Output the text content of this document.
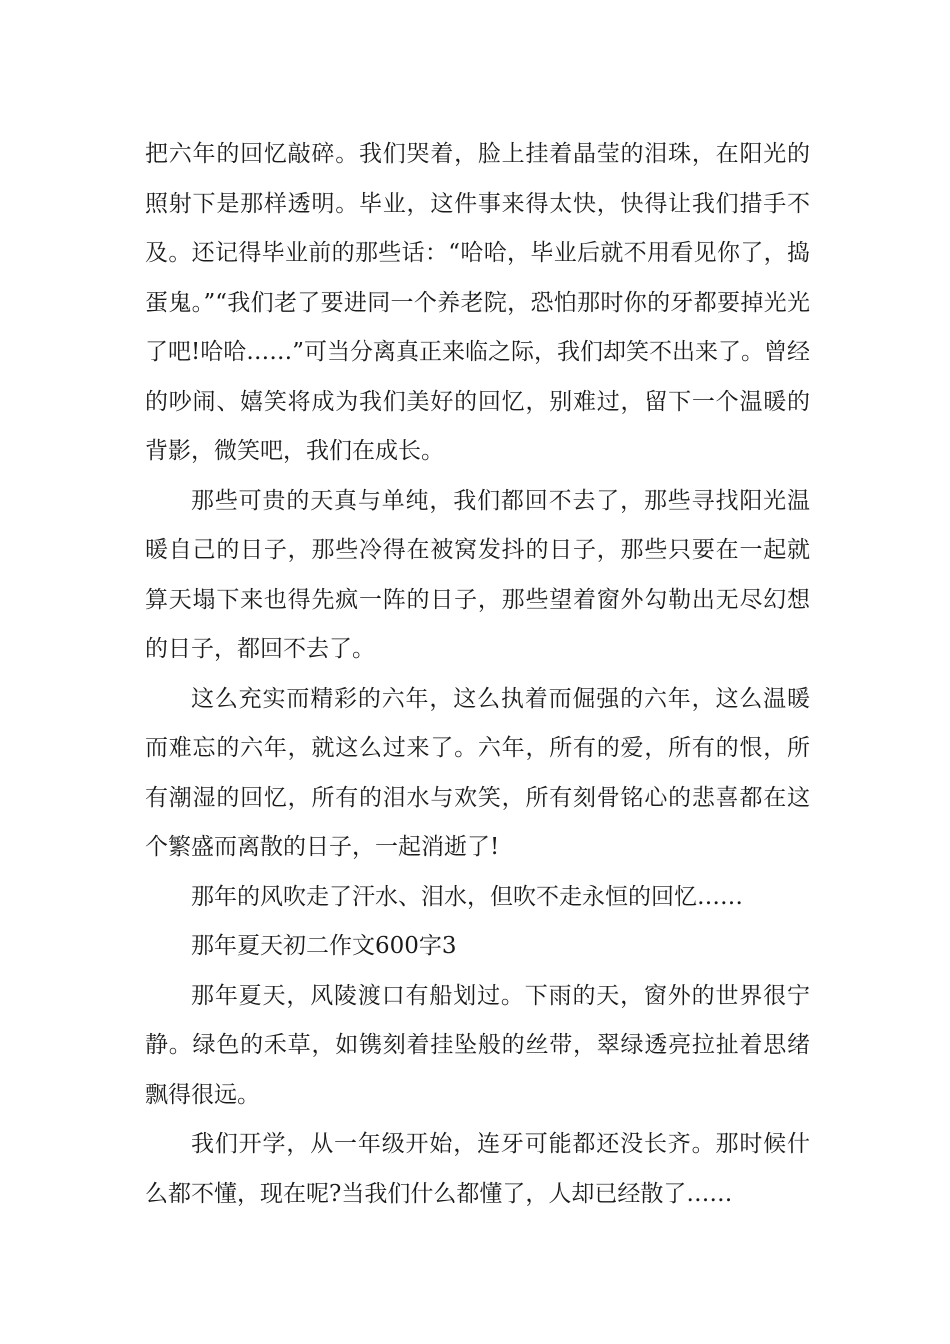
把六年的回忆敲碎。我们哭着，脸上挂着晶莹的泪珠，在阳光的照射下是那样透明。毕业，这件事来得太快，快得让我们措手不及。还记得毕业前的那些话：“哈哈，毕业后就不用看见你了，捣蛋鬼。”“我们老了要进同一个养老院，恐怕那时你的牙都要掉光光了吧!哈哈……”可当分离真正来临之际，我们却笑不出来了。曾经的吵闹、嬉笑将成为我们美好的回忆，别难过，留下一个温暖的背影，微笑吧，我们在成长。

那些可贵的天真与单纯，我们都回不去了，那些寻找阳光温暖自己的日子，那些冷得在被窝发抖的日子，那些只要在一起就算天塌下来也得先疯一阵的日子，那些望着窗外勾勒出无尽幻想的日子，都回不去了。

这么充实而精彩的六年，这么执着而倔强的六年，这么温暖而难忘的六年，就这么过来了。六年，所有的爱，所有的恨，所有潮湿的回忆，所有的泪水与欢笑，所有刻骨铭心的悲喜都在这个繁盛而离散的日子，一起消逝了!

那年的风吹走了汗水、泪水，但吹不走永恒的回忆……

那年夏天初二作文600字3

那年夏天，风陵渡口有船划过。下雨的天，窗外的世界很宁静。绿色的禾草，如镌刻着挂坠般的丝带，翠绿透亮拉扯着思绪飘得很远。

我们开学，从一年级开始，连牙可能都还没长齐。那时候什么都不懂，现在呢?当我们什么都懂了，人却已经散了……
